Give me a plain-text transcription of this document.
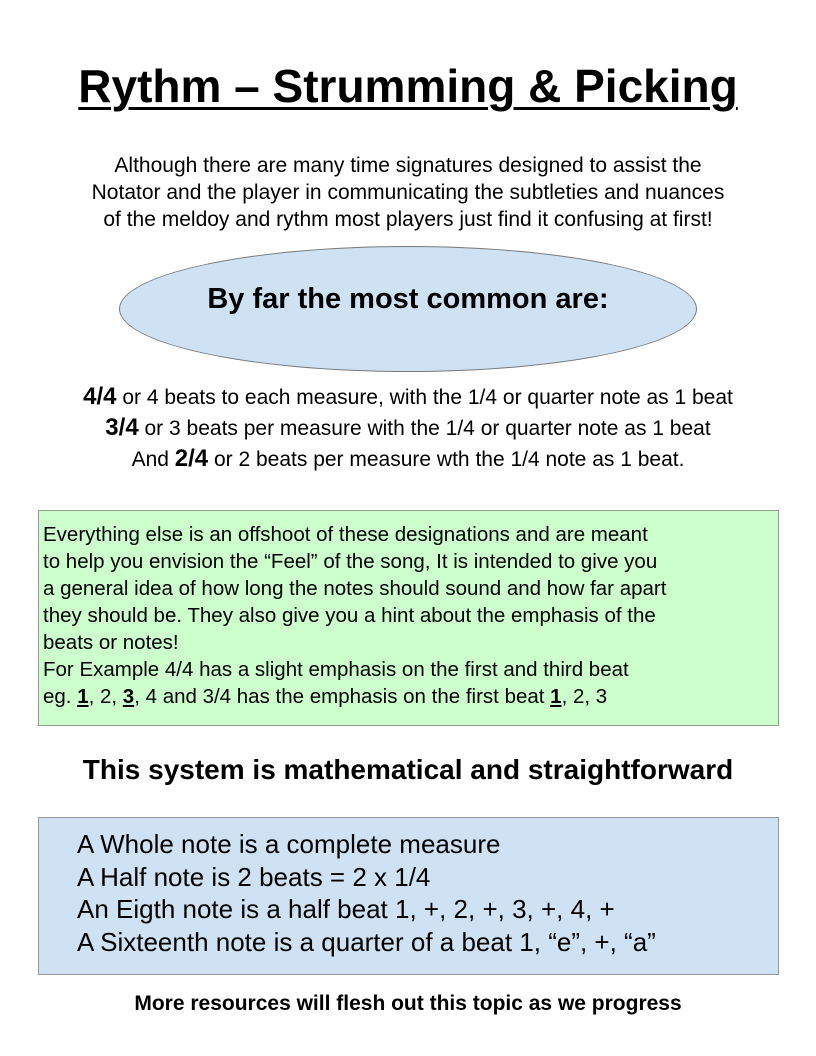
Rythm – Strumming & Picking
Although there are many time signatures designed to assist the
Notator and the player in communicating the subtleties and nuances
of the meldoy and rythm most players just find it confusing at first!
By far the most common are:
4/4 or 4 beats to each measure, with the 1/4 or quarter note as 1 beat
3/4 or 3 beats per measure with the 1/4 or quarter note as 1 beat
And 2/4 or 2 beats per measure wth the 1/4 note as 1 beat.
Everything else is an offshoot of these designations and are meant
to help you envision the “Feel” of the song, It is intended to give you
a general idea of how long the notes should sound and how far apart
they should be. They also give you a hint about the emphasis of the
beats or notes!
For Example 4/4 has a slight emphasis on the first and third beat
eg. 1, 2, 3, 4 and 3/4 has the emphasis on the first beat 1, 2, 3
This system is mathematical and straightforward
A Whole note is a complete measure
A Half note is 2 beats = 2 x 1/4
An Eigth note is a half beat 1, +, 2, +, 3, +, 4, +
A Sixteenth note is a quarter of a beat 1, “e”, +, “a”
More resources will flesh out this topic as we progress
